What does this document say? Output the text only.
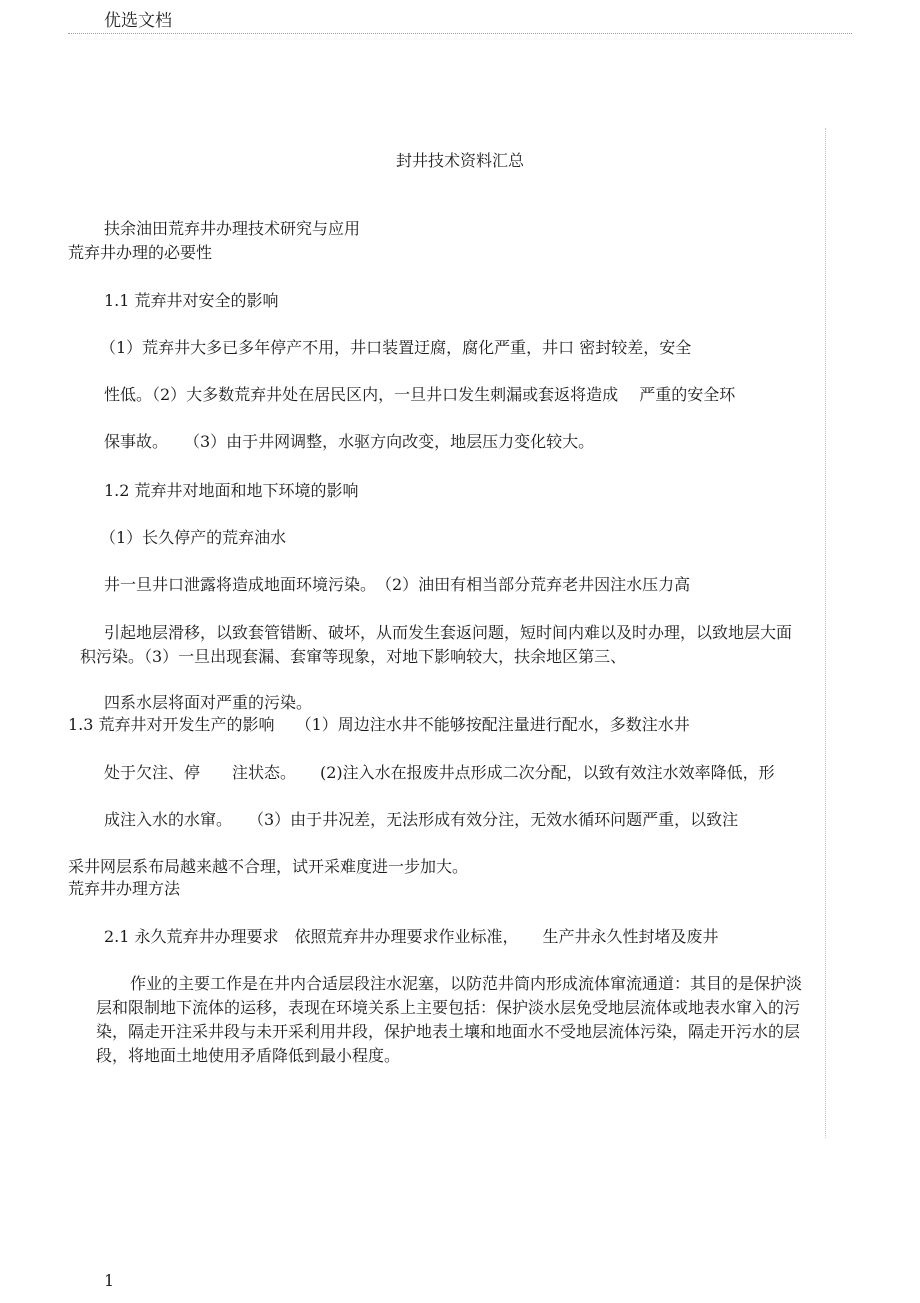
优选文档
封井技术资料汇总
扶余油田荒弃井办理技术研究与应用
荒弃井办理的必要性
1.1 荒弃井对安全的影响
（1）荒弃井大多已多年停产不用，井口装置迂腐，腐化严重，井口 密封较差，安全
性低。（2）大多数荒弃井处在居民区内，一旦井口发生刺漏或套返将造成　 严重的安全环
保事故。　　（3）由于井网调整，水驱方向改变，地层压力变化较大。
1.2 荒弃井对地面和地下环境的影响
（1）长久停产的荒弃油水
井一旦井口泄露将造成地面环境污染。　（2）油田有相当部分荒弃老井因注水压力高
引起地层滑移，以致套管错断、破坏，从而发生套返问题，短时间内难以及时办理，以致地层大面
积污染。（3）一旦出现套漏、套窜等现象，对地下影响较大，扶余地区第三、
四系水层将面对严重的污染。
1.3 荒弃井对开发生产的影响　 （1）周边注水井不能够按配注量进行配水，多数注水井
处于欠注、停　　注状态。　　(2)注入水在报废井点形成二次分配，以致有效注水效率降低，形
成注入水的水窜。　　（3）由于井况差，无法形成有效分注，无效水循环问题严重，以致注
采井网层系布局越来越不合理，试开采难度进一步加大。
荒弃井办理方法
2.1 永久荒弃井办理要求　依照荒弃井办理要求作业标准，　　生产井永久性封堵及废井
作业的主要工作是在井内合适层段注水泥塞，以防范井筒内形成流体窜流通道：其目的是保护淡层和限制地下流体的运移，表现在环境关系上主要包括：保护淡水层免受地层流体或地表水窜入的污染，隔走开注采井段与未开采利用井段，保护地表土壤和地面水不受地层流体污染，隔走开污水的层段，将地面土地使用矛盾降低到最小程度。
1
